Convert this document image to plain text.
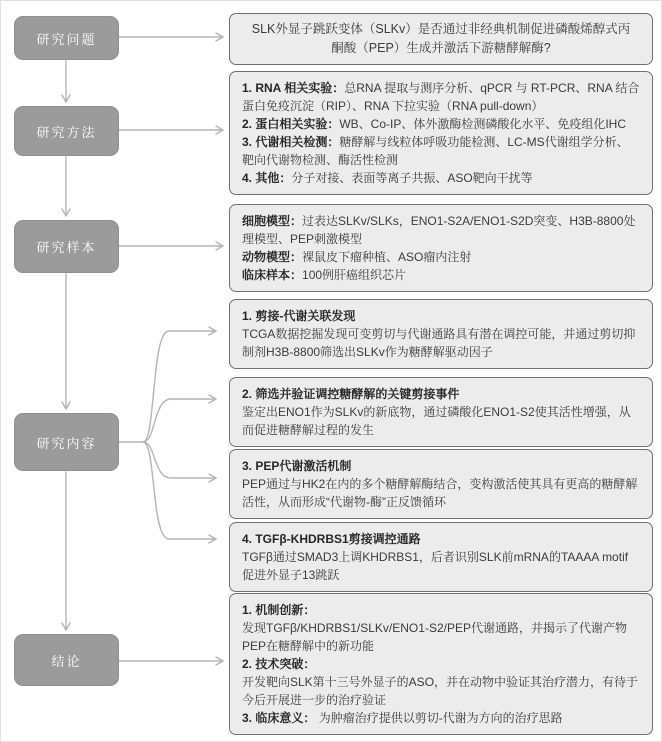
研究问题
研究方法
研究样本
研究内容
结论
SLK外显子跳跃变体（SLKv）是否通过非经典机制促进磷酸烯醇式丙酮酸（PEP）生成并激活下游糖酵解酶?
1. RNA 相关实验：总RNA 提取与测序分析、qPCR 与 RT-PCR、RNA 结合蛋白免疫沉淀（RIP）、RNA 下拉实验（RNA pull-down）
2. 蛋白相关实验：WB、Co-IP、体外激酶检测磷酸化水平、免疫组化IHC
3. 代谢相关检测：糖酵解与线粒体呼吸功能检测、LC-MS代谢组学分析、靶向代谢物检测、酶活性检测
4. 其他：分子对接、表面等离子共振、ASO靶向干扰等
细胞模型：过表达SLKv/SLKs，ENO1-S2A/ENO1-S2D突变、H3B-8800处理模型、PEP刺激模型
动物模型：裸鼠皮下瘤种植、ASO瘤内注射
临床样本：100例肝癌组织芯片
1. 剪接-代谢关联发现
TCGA数据挖掘发现可变剪切与代谢通路具有潜在调控可能，并通过剪切抑制剂H3B-8800筛选出SLKv作为糖酵解驱动因子
2. 筛选并验证调控糖酵解的关键剪接事件
鉴定出ENO1作为SLKv的新底物，通过磷酸化ENO1-S2使其活性增强，从而促进糖酵解过程的发生
3. PEP代谢激活机制
PEP通过与HK2在内的多个糖酵解酶结合，变构激活使其具有更高的糖酵解活性，从而形成“代谢物-酶”正反馈循环
4. TGFβ-KHDRBS1剪接调控通路
TGFβ通过SMAD3上调KHDRBS1，后者识别SLK前mRNA的TAAAA motif促进外显子13跳跃
1. 机制创新：
发现TGFβ/KHDRBS1/SLKv/ENO1-S2/PEP代谢通路，并揭示了代谢产物PEP在糖酵解中的新功能
2. 技术突破：
开发靶向SLK第十三号外显子的ASO，并在动物中验证其治疗潜力，有待于今后开展进一步的治疗验证
3. 临床意义： 为肿瘤治疗提供以剪切-代谢为方向的治疗思路
